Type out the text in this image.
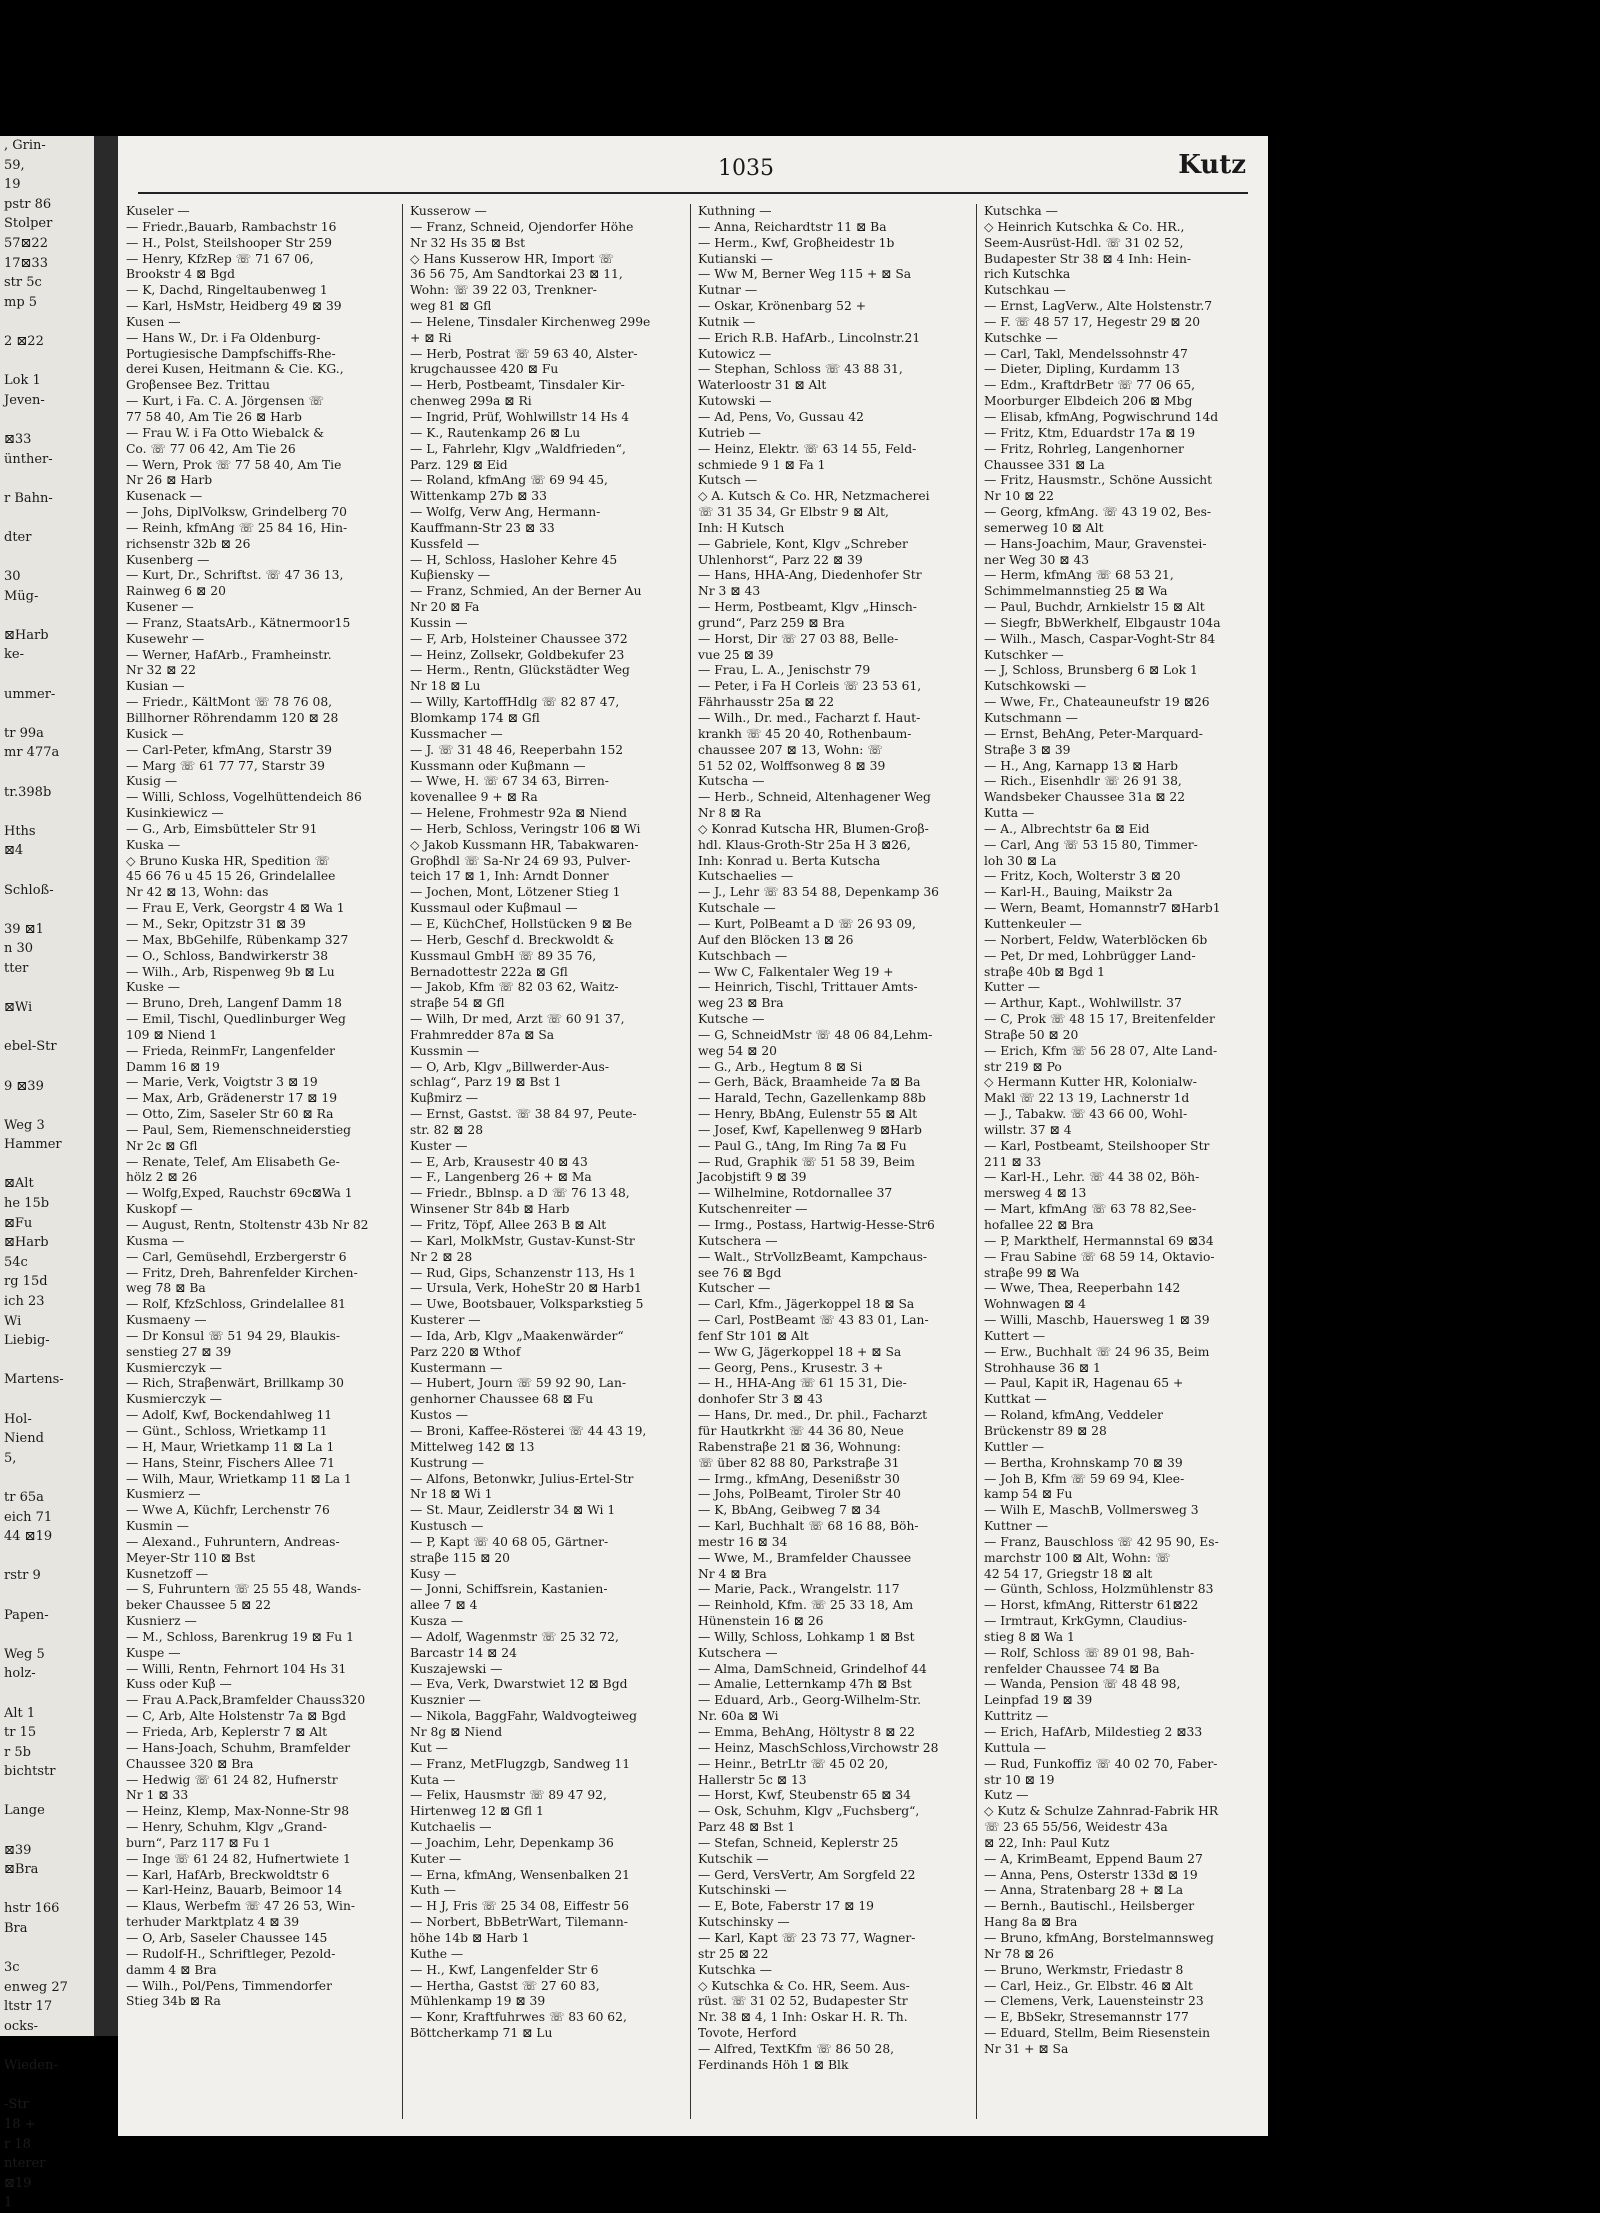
, Grin-
59,
19
pstr 86
Stolper
57⊠22
17⊠33
str 5c
mp 5

2 ⊠22

Lok 1
Jeven-

⊠33
ünther-

r Bahn-

dter

30
Müg-

⊠Harb
ke-

ummer-

tr 99a
mr 477a

tr.398b

Hths
⊠4

Schloß-

39 ⊠1
n 30
tter

⊠Wi

ebel-Str

9 ⊠39

Weg 3
Hammer

⊠Alt
he 15b
⊠Fu
⊠Harb
54c
rg 15d
ich 23
Wi
Liebig-

Martens-

Hol-
Niend
5,

tr 65a
eich 71
44 ⊠19

rstr 9

Papen-

Weg 5
holz-

Alt 1
tr 15
r 5b
bichtstr

Lange

⊠39
⊠Bra

hstr 166
Bra

3c
enweg 27
ltstr 17
ocks-

Wieden-

-Str
18 +
r 18
nterer
⊠19
1
1035	Kutz
Kuseler —
— Friedr.,Bauarb, Rambachstr 16
— H., Polst, Steilshooper Str 259
— Henry, KfzRep ☏ 71 67 06,
Brookstr 4 ⊠ Bgd
— K, Dachd, Ringeltaubenweg 1
— Karl, HsMstr, Heidberg 49 ⊠ 39
Kusen —
— Hans W., Dr. i Fa Oldenburg-
Portugiesische Dampfschiffs-Rhe-
derei Kusen, Heitmann & Cie. KG.,
Groβensee Bez. Trittau
— Kurt, i Fa. C. A. Jörgensen ☏
77 58 40, Am Tie 26 ⊠ Harb
— Frau W. i Fa Otto Wiebalck &
Co. ☏ 77 06 42, Am Tie 26
— Wern, Prok ☏ 77 58 40, Am Tie
Nr 26 ⊠ Harb
Kusenack —
— Johs, DiplVolksw, Grindelberg 70
— Reinh, kfmAng ☏ 25 84 16, Hin-
richsenstr 32b ⊠ 26
Kusenberg —
— Kurt, Dr., Schriftst. ☏ 47 36 13,
Rainweg 6 ⊠ 20
Kusener —
— Franz, StaatsArb., Kätnermoor15
Kusewehr —
— Werner, HafArb., Framheinstr.
Nr 32 ⊠ 22
Kusian —
— Friedr., KältMont ☏ 78 76 08,
Billhorner Röhrendamm 120 ⊠ 28
Kusick —
— Carl-Peter, kfmAng, Starstr 39
— Marg ☏ 61 77 77, Starstr 39
Kusig —
— Willi, Schloss, Vogelhüttendeich 86
Kusinkiewicz —
— G., Arb, Eimsbütteler Str 91
Kuska —
◇ Bruno Kuska HR, Spedition ☏
45 66 76 u 45 15 26, Grindelallee
Nr 42 ⊠ 13, Wohn: das
— Frau E, Verk, Georgstr 4 ⊠ Wa 1
— M., Sekr, Opitzstr 31 ⊠ 39
— Max, BbGehilfe, Rübenkamp 327
— O., Schloss, Bandwirkerstr 38
— Wilh., Arb, Rispenweg 9b ⊠ Lu
Kuske —
— Bruno, Dreh, Langenf Damm 18
— Emil, Tischl, Quedlinburger Weg
109 ⊠ Niend 1
— Frieda, ReinmFr, Langenfelder
Damm 16 ⊠ 19
— Marie, Verk, Voigtstr 3 ⊠ 19
— Max, Arb, Grädenerstr 17 ⊠ 19
— Otto, Zim, Saseler Str 60 ⊠ Ra
— Paul, Sem, Riemenschneiderstieg
Nr 2c ⊠ Gfl
— Renate, Telef, Am Elisabeth Ge-
hölz 2 ⊠ 26
— Wolfg,Exped, Rauchstr 69c⊠Wa 1
Kuskopf —
— August, Rentn, Stoltenstr 43b Nr 82
Kusma —
— Carl, Gemüsehdl, Erzbergerstr 6
— Fritz, Dreh, Bahrenfelder Kirchen-
weg 78 ⊠ Ba
— Rolf, KfzSchloss, Grindelallee 81
Kusmaeny —
— Dr Konsul ☏ 51 94 29, Blaukis-
senstieg 27 ⊠ 39
Kusmierczyk —
— Rich, Straβenwärt, Brillkamp 30
Kusmierczyk —
— Adolf, Kwf, Bockendahlweg 11
— Günt., Schloss, Wrietkamp 11
— H, Maur, Wrietkamp 11 ⊠ La 1
— Hans, Steinr, Fischers Allee 71
— Wilh, Maur, Wrietkamp 11 ⊠ La 1
Kusmierz —
— Wwe A, Küchfr, Lerchenstr 76
Kusmin —
— Alexand., Fuhruntern, Andreas-
Meyer-Str 110 ⊠ Bst
Kusnetzoff —
— S, Fuhruntern ☏ 25 55 48, Wands-
beker Chaussee 5 ⊠ 22
Kusnierz —
— M., Schloss, Barenkrug 19 ⊠ Fu 1
Kuspe —
— Willi, Rentn, Fehrnort 104 Hs 31
Kuss oder Kuβ —
— Frau A.Pack,Bramfelder Chauss320
— C, Arb, Alte Holstenstr 7a ⊠ Bgd
— Frieda, Arb, Keplerstr 7 ⊠ Alt
— Hans-Joach, Schuhm, Bramfelder
Chaussee 320 ⊠ Bra
— Hedwig ☏ 61 24 82, Hufnerstr
Nr 1 ⊠ 33
— Heinz, Klemp, Max-Nonne-Str 98
— Henry, Schuhm, Klgv „Grand-
burn“, Parz 117 ⊠ Fu 1
— Inge ☏ 61 24 82, Hufnertwiete 1
— Karl, HafArb, Breckwoldtstr 6
— Karl-Heinz, Bauarb, Beimoor 14
— Klaus, Werbefm ☏ 47 26 53, Win-
terhuder Marktplatz 4 ⊠ 39
— O, Arb, Saseler Chaussee 145
— Rudolf-H., Schriftleger, Pezold-
damm 4 ⊠ Bra
— Wilh., Pol/Pens, Timmendorfer
Stieg 34b ⊠ Ra
Kusserow —
— Franz, Schneid, Ojendorfer Höhe
Nr 32 Hs 35 ⊠ Bst
◇ Hans Kusserow HR, Import ☏
36 56 75, Am Sandtorkai 23 ⊠ 11,
Wohn: ☏ 39 22 03, Trenkner-
weg 81 ⊠ Gfl
— Helene, Tinsdaler Kirchenweg 299e
+ ⊠ Ri
— Herb, Postrat ☏ 59 63 40, Alster-
krugchaussee 420 ⊠ Fu
— Herb, Postbeamt, Tinsdaler Kir-
chenweg 299a ⊠ Ri
— Ingrid, Prüf, Wohlwillstr 14 Hs 4
— K., Rautenkamp 26 ⊠ Lu
— L, Fahrlehr, Klgv „Waldfrieden“,
Parz. 129 ⊠ Eid
— Roland, kfmAng ☏ 69 94 45,
Wittenkamp 27b ⊠ 33
— Wolfg, Verw Ang, Hermann-
Kauffmann-Str 23 ⊠ 33
Kussfeld —
— H, Schloss, Hasloher Kehre 45
Kuβiensky —
— Franz, Schmied, An der Berner Au
Nr 20 ⊠ Fa
Kussin —
— F, Arb, Holsteiner Chaussee 372
— Heinz, Zollsekr, Goldbekufer 23
— Herm., Rentn, Glückstädter Weg
Nr 18 ⊠ Lu
— Willy, KartoffHdlg ☏ 82 87 47,
Blomkamp 174 ⊠ Gfl
Kussmacher —
— J. ☏ 31 48 46, Reeperbahn 152
Kussmann oder Kuβmann —
— Wwe, H. ☏ 67 34 63, Birren-
kovenallee 9 + ⊠ Ra
— Helene, Frohmestr 92a ⊠ Niend
— Herb, Schloss, Veringstr 106 ⊠ Wi
◇ Jakob Kussmann HR, Tabakwaren-
Groβhdl ☏ Sa-Nr 24 69 93, Pulver-
teich 17 ⊠ 1, Inh: Arndt Donner
— Jochen, Mont, Lötzener Stieg 1
Kussmaul oder Kuβmaul —
— E, KüchChef, Hollstücken 9 ⊠ Be
— Herb, Geschf d. Breckwoldt &
Kussmaul GmbH ☏ 89 35 76,
Bernadottestr 222a ⊠ Gfl
— Jakob, Kfm ☏ 82 03 62, Waitz-
straβe 54 ⊠ Gfl
— Wilh, Dr med, Arzt ☏ 60 91 37,
Frahmredder 87a ⊠ Sa
Kussmin —
— O, Arb, Klgv „Billwerder-Aus-
schlag“, Parz 19 ⊠ Bst 1
Kuβmirz —
— Ernst, Gastst. ☏ 38 84 97, Peute-
str. 82 ⊠ 28
Kuster —
— E, Arb, Krausestr 40 ⊠ 43
— F., Langenberg 26 + ⊠ Ma
— Friedr., Bblnsp. a D ☏ 76 13 48,
Winsener Str 84b ⊠ Harb
— Fritz, Töpf, Allee 263 B ⊠ Alt
— Karl, MolkMstr, Gustav-Kunst-Str
Nr 2 ⊠ 28
— Rud, Gips, Schanzenstr 113, Hs 1
— Ursula, Verk, HoheStr 20 ⊠ Harb1
— Uwe, Bootsbauer, Volksparkstieg 5
Kusterer —
— Ida, Arb, Klgv „Maakenwärder“
Parz 220 ⊠ Wthof
Kustermann —
— Hubert, Journ ☏ 59 92 90, Lan-
genhorner Chaussee 68 ⊠ Fu
Kustos —
— Broni, Kaffee-Rösterei ☏ 44 43 19,
Mittelweg 142 ⊠ 13
Kustrung —
— Alfons, Betonwkr, Julius-Ertel-Str
Nr 18 ⊠ Wi 1
— St. Maur, Zeidlerstr 34 ⊠ Wi 1
Kustusch —
— P, Kapt ☏ 40 68 05, Gärtner-
straβe 115 ⊠ 20
Kusy —
— Jonni, Schiffsrein, Kastanien-
allee 7 ⊠ 4
Kusza —
— Adolf, Wagenmstr ☏ 25 32 72,
Barcastr 14 ⊠ 24
Kuszajewski —
— Eva, Verk, Dwarstwiet 12 ⊠ Bgd
Kusznier —
— Nikola, BaggFahr, Waldvogteiweg
Nr 8g ⊠ Niend
Kut —
— Franz, MetFlugzgb, Sandweg 11
Kuta —
— Felix, Hausmstr ☏ 89 47 92,
Hirtenweg 12 ⊠ Gfl 1
Kutchaelis —
— Joachim, Lehr, Depenkamp 36
Kuter —
— Erna, kfmAng, Wensenbalken 21
Kuth —
— H J, Fris ☏ 25 34 08, Eiffestr 56
— Norbert, BbBetrWart, Tilemann-
höhe 14b ⊠ Harb 1
Kuthe —
— H., Kwf, Langenfelder Str 6
— Hertha, Gastst ☏ 27 60 83,
Mühlenkamp 19 ⊠ 39
— Konr, Kraftfuhrwes ☏ 83 60 62,
Böttcherkamp 71 ⊠ Lu
Kuthning —
— Anna, Reichardtstr 11 ⊠ Ba
— Herm., Kwf, Groβheidestr 1b
Kutianski —
— Ww M, Berner Weg 115 + ⊠ Sa
Kutnar —
— Oskar, Krönenbarg 52 +
Kutnik —
— Erich R.B. HafArb., Lincolnstr.21
Kutowicz —
— Stephan, Schloss ☏ 43 88 31,
Waterloostr 31 ⊠ Alt
Kutowski —
— Ad, Pens, Vo, Gussau 42
Kutrieb —
— Heinz, Elektr. ☏ 63 14 55, Feld-
schmiede 9 1 ⊠ Fa 1
Kutsch —
◇ A. Kutsch & Co. HR, Netzmacherei
☏ 31 35 34, Gr Elbstr 9 ⊠ Alt,
Inh: H Kutsch
— Gabriele, Kont, Klgv „Schreber
Uhlenhorst“, Parz 22 ⊠ 39
— Hans, HHA-Ang, Diedenhofer Str
Nr 3 ⊠ 43
— Herm, Postbeamt, Klgv „Hinsch-
grund“, Parz 259 ⊠ Bra
— Horst, Dir ☏ 27 03 88, Belle-
vue 25 ⊠ 39
— Frau, L. A., Jenischstr 79
— Peter, i Fa H Corleis ☏ 23 53 61,
Fährhausstr 25a ⊠ 22
— Wilh., Dr. med., Facharzt f. Haut-
krankh ☏ 45 20 40, Rothenbaum-
chaussee 207 ⊠ 13, Wohn: ☏
51 52 02, Wolffsonweg 8 ⊠ 39
Kutscha —
— Herb., Schneid, Altenhagener Weg
Nr 8 ⊠ Ra
◇ Konrad Kutscha HR, Blumen-Groβ-
hdl. Klaus-Groth-Str 25a H 3 ⊠26,
Inh: Konrad u. Berta Kutscha
Kutschaelies —
— J., Lehr ☏ 83 54 88, Depenkamp 36
Kutschale —
— Kurt, PolBeamt a D ☏ 26 93 09,
Auf den Blöcken 13 ⊠ 26
Kutschbach —
— Ww C, Falkentaler Weg 19 +
— Heinrich, Tischl, Trittauer Amts-
weg 23 ⊠ Bra
Kutsche —
— G, SchneidMstr ☏ 48 06 84,Lehm-
weg 54 ⊠ 20
— G., Arb., Hegtum 8 ⊠ Si
— Gerh, Bäck, Braamheide 7a ⊠ Ba
— Harald, Techn, Gazellenkamp 88b
— Henry, BbAng, Eulenstr 55 ⊠ Alt
— Josef, Kwf, Kapellenweg 9 ⊠Harb
— Paul G., tAng, Im Ring 7a ⊠ Fu
— Rud, Graphik ☏ 51 58 39, Beim
Jacobjstift 9 ⊠ 39
— Wilhelmine, Rotdornallee 37
Kutschenreiter —
— Irmg., Postass, Hartwig-Hesse-Str6
Kutschera —
— Walt., StrVollzBeamt, Kampchaus-
see 76 ⊠ Bgd
Kutscher —
— Carl, Kfm., Jägerkoppel 18 ⊠ Sa
— Carl, PostBeamt ☏ 43 83 01, Lan-
fenf Str 101 ⊠ Alt
— Ww G, Jägerkoppel 18 + ⊠ Sa
— Georg, Pens., Krusestr. 3 +
— H., HHA-Ang ☏ 61 15 31, Die-
donhofer Str 3 ⊠ 43
— Hans, Dr. med., Dr. phil., Facharzt
für Hautkrkht ☏ 44 36 80, Neue
Rabenstraβe 21 ⊠ 36, Wohnung:
☏ über 82 88 80, Parkstraβe 31
— Irmg., kfmAng, Desenißstr 30
— Johs, PolBeamt, Tiroler Str 40
— K, BbAng, Geibweg 7 ⊠ 34
— Karl, Buchhalt ☏ 68 16 88, Böh-
mestr 16 ⊠ 34
— Wwe, M., Bramfelder Chaussee
Nr 4 ⊠ Bra
— Marie, Pack., Wrangelstr. 117
— Reinhold, Kfm. ☏ 25 33 18, Am
Hünenstein 16 ⊠ 26
— Willy, Schloss, Lohkamp 1 ⊠ Bst
Kutschera —
— Alma, DamSchneid, Grindelhof 44
— Amalie, Letternkamp 47h ⊠ Bst
— Eduard, Arb., Georg-Wilhelm-Str.
Nr. 60a ⊠ Wi
— Emma, BehAng, Höltystr 8 ⊠ 22
— Heinz, MaschSchloss,Virchowstr 28
— Heinr., BetrLtr ☏ 45 02 20,
Hallerstr 5c ⊠ 13
— Horst, Kwf, Steubenstr 65 ⊠ 34
— Osk, Schuhm, Klgv „Fuchsberg“,
Parz 48 ⊠ Bst 1
— Stefan, Schneid, Keplerstr 25
Kutschik —
— Gerd, VersVertr, Am Sorgfeld 22
Kutschinski —
— E, Bote, Faberstr 17 ⊠ 19
Kutschinsky —
— Karl, Kapt ☏ 23 73 77, Wagner-
str 25 ⊠ 22
Kutschka —
◇ Kutschka & Co. HR, Seem. Aus-
rüst. ☏ 31 02 52, Budapester Str
Nr. 38 ⊠ 4, 1 Inh: Oskar H. R. Th.
Tovote, Herford
— Alfred, TextKfm ☏ 86 50 28,
Ferdinands Höh 1 ⊠ Blk
Kutschka —
◇ Heinrich Kutschka & Co. HR.,
Seem-Ausrüst-Hdl. ☏ 31 02 52,
Budapester Str 38 ⊠ 4 Inh: Hein-
rich Kutschka
Kutschkau —
— Ernst, LagVerw., Alte Holstenstr.7
— F. ☏ 48 57 17, Hegestr 29 ⊠ 20
Kutschke —
— Carl, Takl, Mendelssohnstr 47
— Dieter, Dipling, Kurdamm 13
— Edm., KraftdrBetr ☏ 77 06 65,
Moorburger Elbdeich 206 ⊠ Mbg
— Elisab, kfmAng, Pogwischrund 14d
— Fritz, Ktm, Eduardstr 17a ⊠ 19
— Fritz, Rohrleg, Langenhorner
Chaussee 331 ⊠ La
— Fritz, Hausmstr., Schöne Aussicht
Nr 10 ⊠ 22
— Georg, kfmAng. ☏ 43 19 02, Bes-
semerweg 10 ⊠ Alt
— Hans-Joachim, Maur, Gravenstei-
ner Weg 30 ⊠ 43
— Herm, kfmAng ☏ 68 53 21,
Schimmelmannstieg 25 ⊠ Wa
— Paul, Buchdr, Arnkielstr 15 ⊠ Alt
— Siegfr, BbWerkhelf, Elbgaustr 104a
— Wilh., Masch, Caspar-Voght-Str 84
Kutschker —
— J, Schloss, Brunsberg 6 ⊠ Lok 1
Kutschkowski —
— Wwe, Fr., Chateauneufstr 19 ⊠26
Kutschmann —
— Ernst, BehAng, Peter-Marquard-
Straβe 3 ⊠ 39
— H., Ang, Karnapp 13 ⊠ Harb
— Rich., Eisenhdlr ☏ 26 91 38,
Wandsbeker Chaussee 31a ⊠ 22
Kutta —
— A., Albrechtstr 6a ⊠ Eid
— Carl, Ang ☏ 53 15 80, Timmer-
loh 30 ⊠ La
— Fritz, Koch, Wolterstr 3 ⊠ 20
— Karl-H., Bauing, Maikstr 2a
— Wern, Beamt, Homannstr7 ⊠Harb1
Kuttenkeuler —
— Norbert, Feldw, Waterblöcken 6b
— Pet, Dr med, Lohbrügger Land-
straβe 40b ⊠ Bgd 1
Kutter —
— Arthur, Kapt., Wohlwillstr. 37
— C, Prok ☏ 48 15 17, Breitenfelder
Straβe 50 ⊠ 20
— Erich, Kfm ☏ 56 28 07, Alte Land-
str 219 ⊠ Po
◇ Hermann Kutter HR, Kolonialw-
Makl ☏ 22 13 19, Lachnerstr 1d
— J., Tabakw. ☏ 43 66 00, Wohl-
willstr. 37 ⊠ 4
— Karl, Postbeamt, Steilshooper Str
211 ⊠ 33
— Karl-H., Lehr. ☏ 44 38 02, Böh-
mersweg 4 ⊠ 13
— Mart, kfmAng ☏ 63 78 82,See-
hofallee 22 ⊠ Bra
— P, Markthelf, Hermannstal 69 ⊠34
— Frau Sabine ☏ 68 59 14, Oktavio-
straβe 99 ⊠ Wa
— Wwe, Thea, Reeperbahn 142
Wohnwagen ⊠ 4
— Willi, Maschb, Hauersweg 1 ⊠ 39
Kuttert —
— Erw., Buchhalt ☏ 24 96 35, Beim
Strohhause 36 ⊠ 1
— Paul, Kapit iR, Hagenau 65 +
Kuttkat —
— Roland, kfmAng, Veddeler
Brückenstr 89 ⊠ 28
Kuttler —
— Bertha, Krohnskamp 70 ⊠ 39
— Joh B, Kfm ☏ 59 69 94, Klee-
kamp 54 ⊠ Fu
— Wilh E, MaschB, Vollmersweg 3
Kuttner —
— Franz, Bauschloss ☏ 42 95 90, Es-
marchstr 100 ⊠ Alt, Wohn: ☏
42 54 17, Griegstr 18 ⊠ alt
— Günth, Schloss, Holzmühlenstr 83
— Horst, kfmAng, Ritterstr 61⊠22
— Irmtraut, KrkGymn, Claudius-
stieg 8 ⊠ Wa 1
— Rolf, Schloss ☏ 89 01 98, Bah-
renfelder Chaussee 74 ⊠ Ba
— Wanda, Pension ☏ 48 48 98,
Leinpfad 19 ⊠ 39
Kuttritz —
— Erich, HafArb, Mildestieg 2 ⊠33
Kuttula —
— Rud, Funkoffiz ☏ 40 02 70, Faber-
str 10 ⊠ 19
Kutz —
◇ Kutz & Schulze Zahnrad-Fabrik HR
☏ 23 65 55/56, Weidestr 43a
⊠ 22, Inh: Paul Kutz
— A, KrimBeamt, Eppend Baum 27
— Anna, Pens, Osterstr 133d ⊠ 19
— Anna, Stratenbarg 28 + ⊠ La
— Bernh., Bautischl., Heilsberger
Hang 8a ⊠ Bra
— Bruno, kfmAng, Borstelmannsweg
Nr 78 ⊠ 26
— Bruno, Werkmstr, Friedastr 8
— Carl, Heiz., Gr. Elbstr. 46 ⊠ Alt
— Clemens, Verk, Lauensteinstr 23
— E, BbSekr, Stresemannstr 177
— Eduard, Stellm, Beim Riesenstein
Nr 31 + ⊠ Sa
